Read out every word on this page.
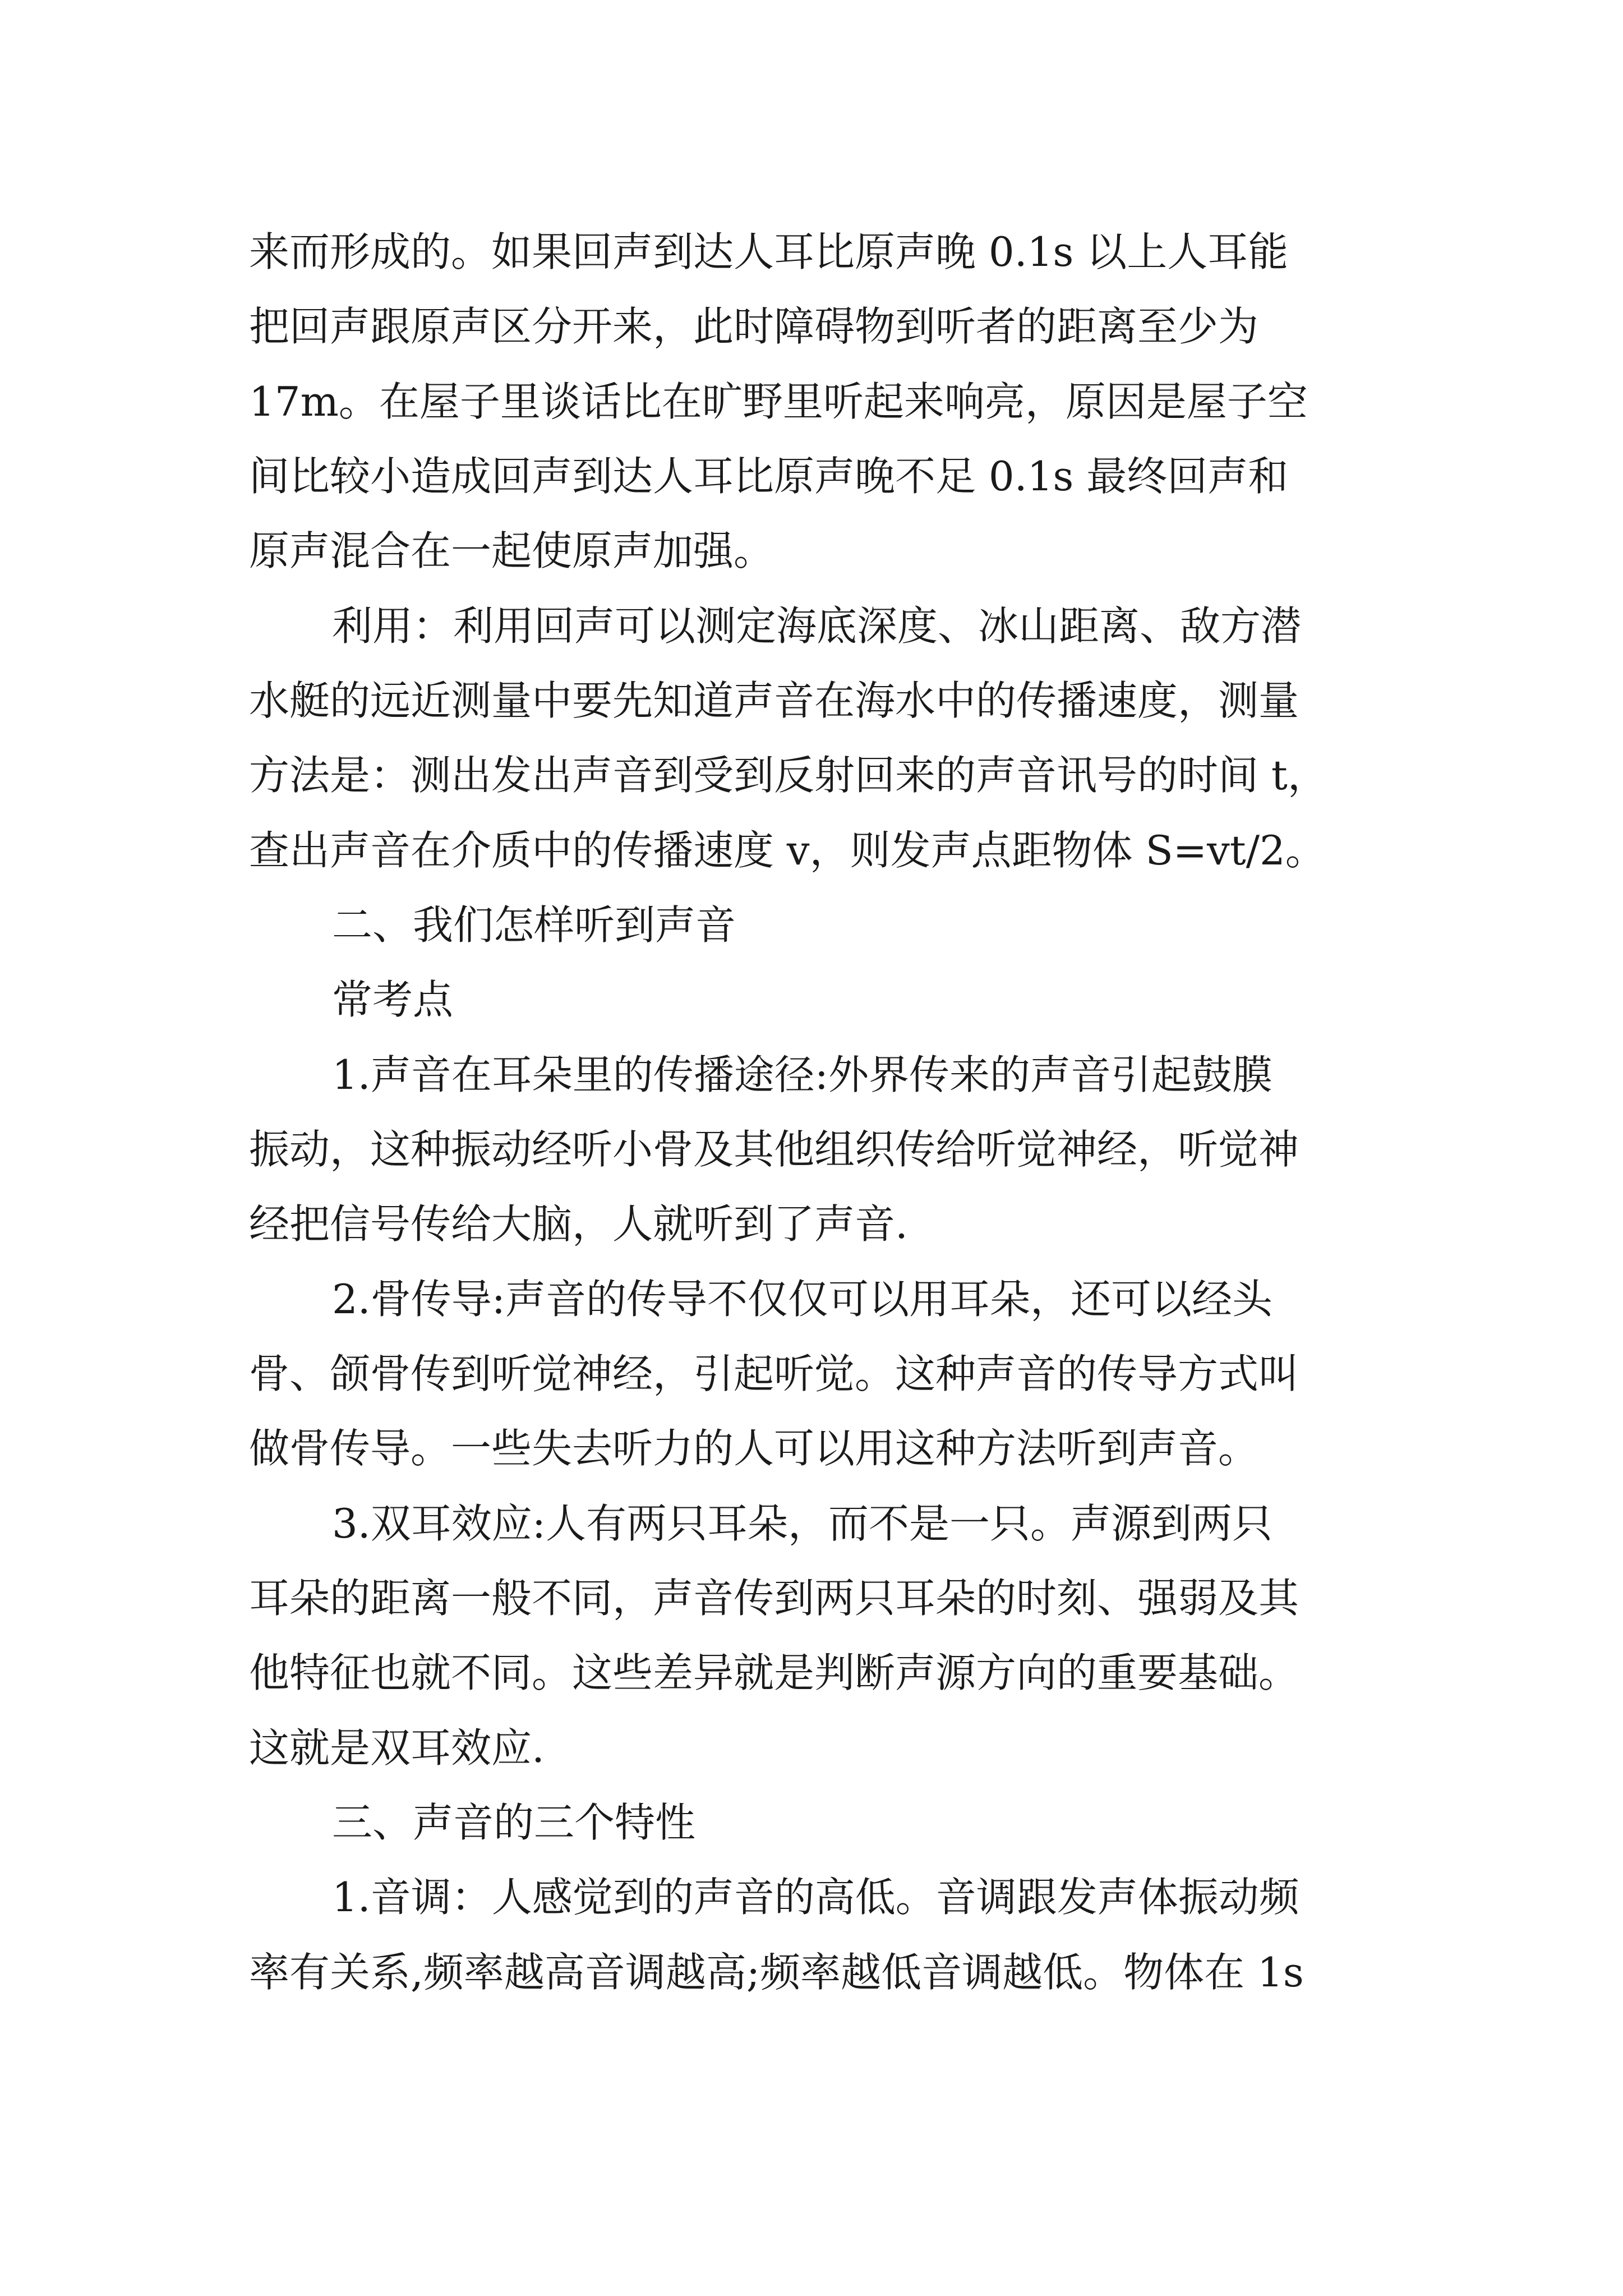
来而形成的。如果回声到达人耳比原声晚 0.1s 以上人耳能
把回声跟原声区分开来，此时障碍物到听者的距离至少为
17m。在屋子里谈话比在旷野里听起来响亮，原因是屋子空
间比较小造成回声到达人耳比原声晚不足 0.1s 最终回声和
原声混合在一起使原声加强。
利用：利用回声可以测定海底深度、冰山距离、敌方潜
水艇的远近测量中要先知道声音在海水中的传播速度，测量
方法是：测出发出声音到受到反射回来的声音讯号的时间 t，
查出声音在介质中的传播速度 v，则发声点距物体 S=vt/2。
二、我们怎样听到声音
常考点
1.声音在耳朵里的传播途径:外界传来的声音引起鼓膜
振动，这种振动经听小骨及其他组织传给听觉神经，听觉神
经把信号传给大脑，人就听到了声音.
2.骨传导:声音的传导不仅仅可以用耳朵，还可以经头
骨、颌骨传到听觉神经，引起听觉。这种声音的传导方式叫
做骨传导。一些失去听力的人可以用这种方法听到声音。
3.双耳效应:人有两只耳朵，而不是一只。声源到两只
耳朵的距离一般不同，声音传到两只耳朵的时刻、强弱及其
他特征也就不同。这些差异就是判断声源方向的重要基础。
这就是双耳效应.
三、声音的三个特性
1.音调：人感觉到的声音的高低。音调跟发声体振动频
率有关系,频率越高音调越高;频率越低音调越低。物体在 1s
